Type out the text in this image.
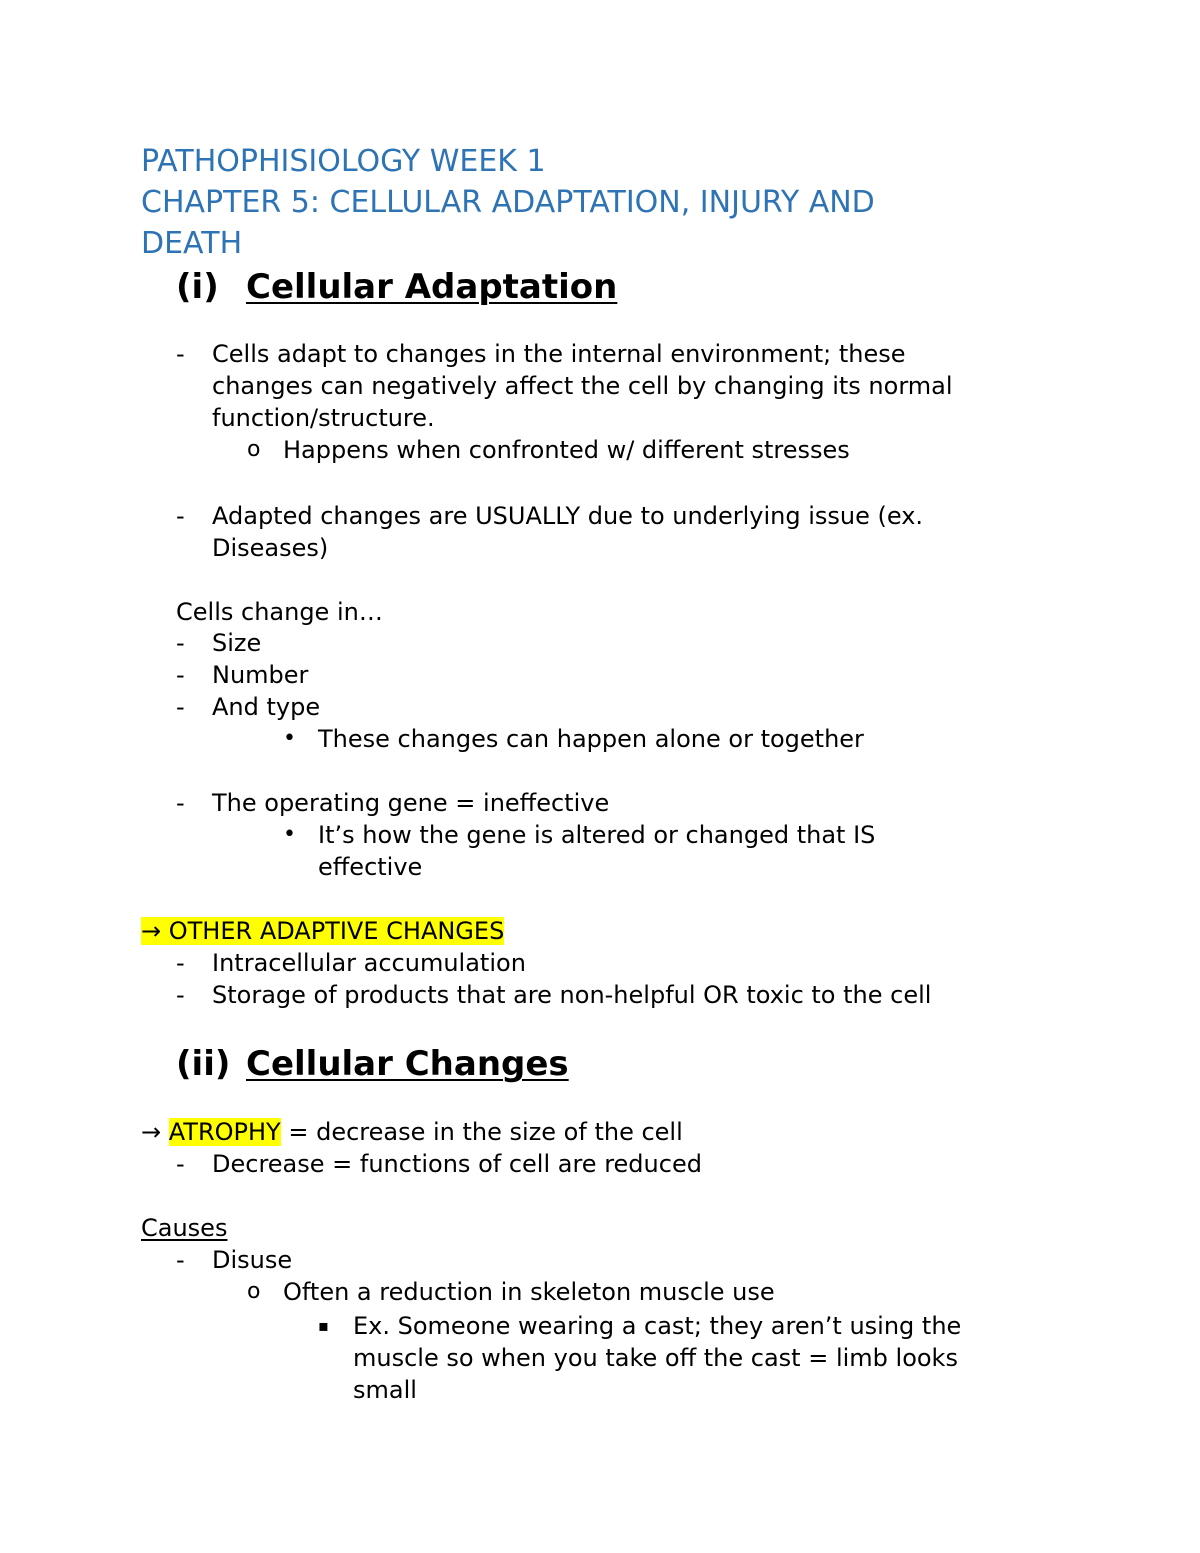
PATHOPHISIOLOGY WEEK 1
CHAPTER 5: CELLULAR ADAPTATION, INJURY AND
DEATH
(i) Cellular Adaptation
- Cells adapt to changes in the internal environment; these
changes can negatively affect the cell by changing its normal
function/structure.
o Happens when confronted w/ different stresses
- Adapted changes are USUALLY due to underlying issue (ex.
Diseases)
Cells change in…
- Size
- Number
- And type
• These changes can happen alone or together
- The operating gene = ineffective
• It’s how the gene is altered or changed that IS
effective
→ OTHER ADAPTIVE CHANGES
- Intracellular accumulation
- Storage of products that are non-helpful OR toxic to the cell
(ii) Cellular Changes
→ ATROPHY = decrease in the size of the cell
- Decrease = functions of cell are reduced
Causes
- Disuse
o Often a reduction in skeleton muscle use
▪ Ex. Someone wearing a cast; they aren’t using the
muscle so when you take off the cast = limb looks
small
